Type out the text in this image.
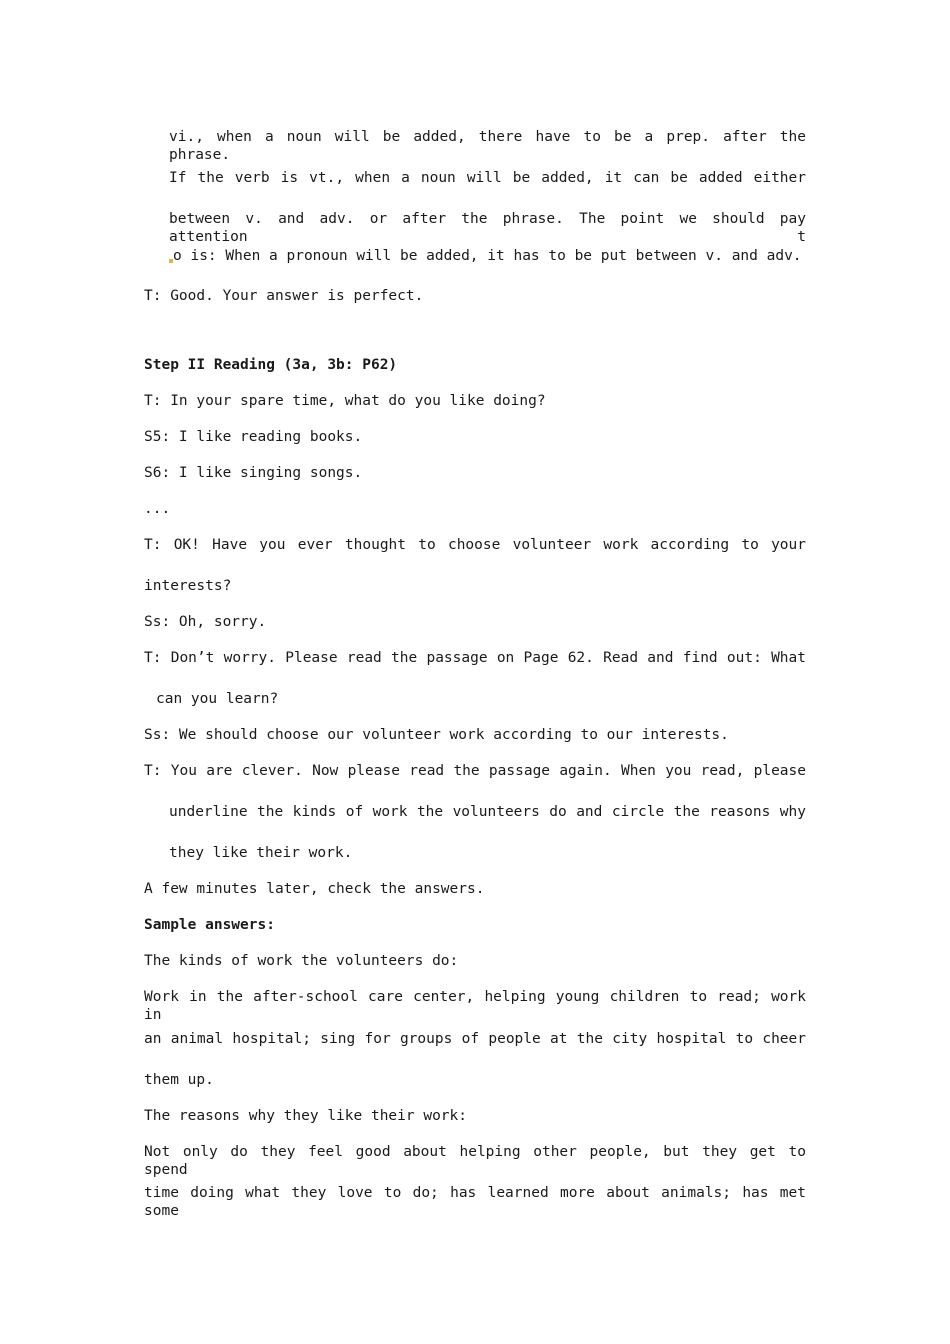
vi., when a noun will be added, there have to be a prep. after the phrase.
If the verb is vt., when a noun will be added, it can be added either
between v. and adv. or after the phrase. The point we should pay attention t
o is: When a pronoun will be added, it has to be put between v. and adv.
T: Good. Your answer is perfect.
Step II Reading (3a, 3b: P62)
T: In your spare time, what do you like doing?
S5: I like reading books.
S6: I like singing songs.
...
T: OK! Have you ever thought to choose volunteer work according to your
interests?
Ss: Oh, sorry.
T: Don’t worry. Please read the passage on Page 62. Read and find out: What
can you learn?
Ss: We should choose our volunteer work according to our interests.
T: You are clever. Now please read the passage again. When you read, please
underline the kinds of work the volunteers do and circle the reasons why
they like their work.
A few minutes later, check the answers.
Sample answers:
The kinds of work the volunteers do:
Work in the after-school care center, helping young children to read; work in
an animal hospital; sing for groups of people at the city hospital to cheer
them up.
The reasons why they like their work:
Not only do they feel good about helping other people, but they get to spend
time doing what they love to do; has learned more about animals; has met some
